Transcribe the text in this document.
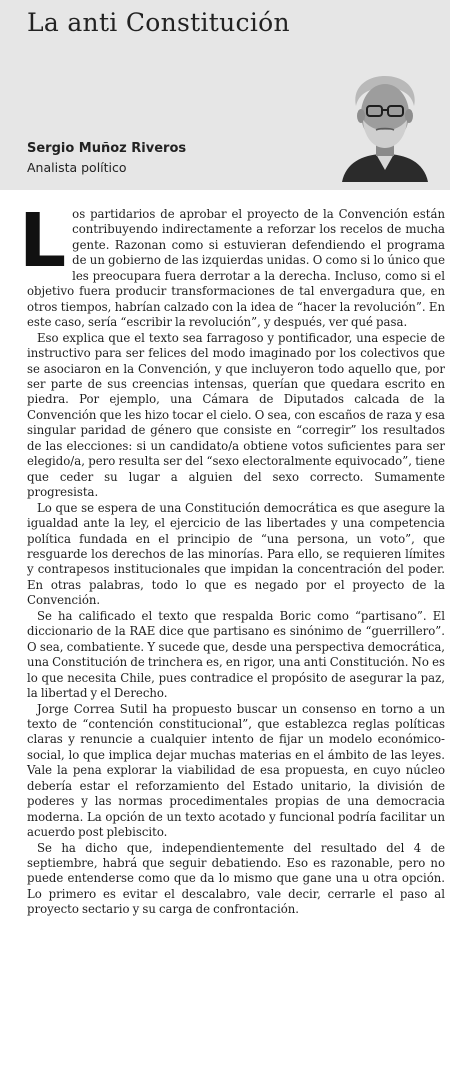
La anti Constitución
Sergio Muñoz Riveros
Analista político

Los partidarios de aprobar el proyecto de la Convención están contribuyendo indirectamente a reforzar los recelos de mucha gente. Razonan como si estuvieran defendiendo el programa de un gobierno de las izquierdas unidas. O como si lo único que les preocupara fuera derrotar a la derecha. Incluso, como si el objetivo fuera producir transformaciones de tal envergadura que, en otros tiempos, habrían calzado con la idea de “hacer la revolución”. En este caso, sería “escribir la revolución”, y después, ver qué pasa.

Eso explica que el texto sea farragoso y pontificador, una especie de instructivo para ser felices del modo imaginado por los colectivos que se asociaron en la Convención, y que incluyeron todo aquello que, por ser parte de sus creencias intensas, querían que quedara escrito en piedra. Por ejemplo, una Cámara de Diputados calcada de la Convención que les hizo tocar el cielo. O sea, con escaños de raza y esa singular paridad de género que consiste en “corregir” los resultados de las elecciones: si un candidato/a obtiene votos suficientes para ser elegido/a, pero resulta ser del “sexo electoralmente equivocado”, tiene que ceder su lugar a alguien del sexo correcto. Sumamente progresista.

Lo que se espera de una Constitución democrática es que asegure la igualdad ante la ley, el ejercicio de las libertades y una competencia política fundada en el principio de “una persona, un voto”, que resguarde los derechos de las minorías. Para ello, se requieren límites y contrapesos institucionales que impidan la concentración del poder. En otras palabras, todo lo que es negado por el proyecto de la Convención.

Se ha calificado el texto que respalda Boric como “partisano”. El diccionario de la RAE dice que partisano es sinónimo de “guerrillero”. O sea, combatiente. Y sucede que, desde una perspectiva democrática, una Constitución de trinchera es, en rigor, una anti Constitución. No es lo que necesita Chile, pues contradice el propósito de asegurar la paz, la libertad y el Derecho.

Jorge Correa Sutil ha propuesto buscar un consenso en torno a un texto de “contención constitucional”, que establezca reglas políticas claras y renuncie a cualquier intento de fijar un modelo económico-social, lo que implica dejar muchas materias en el ámbito de las leyes. Vale la pena explorar la viabilidad de esa propuesta, en cuyo núcleo debería estar el reforzamiento del Estado unitario, la división de poderes y las normas procedimentales propias de una democracia moderna. La opción de un texto acotado y funcional podría facilitar un acuerdo post plebiscito.

Se ha dicho que, independientemente del resultado del 4 de septiembre, habrá que seguir debatiendo. Eso es razonable, pero no puede entenderse como que da lo mismo que gane una u otra opción. Lo primero es evitar el descalabro, vale decir, cerrarle el paso al proyecto sectario y su carga de confrontación.
